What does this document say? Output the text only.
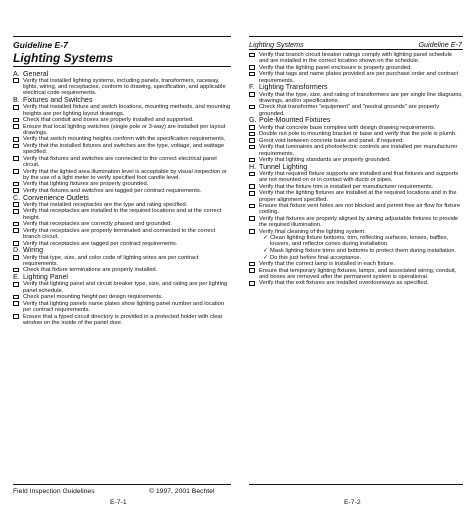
Guideline E-7
Lighting Systems
Lighting Systems	Guideline E-7
A. General
Verify that installed lighting systems, including panels, transformers, raceway, lights, wiring, and receptacles, conform to drawing, specification, and applicable electrical code requirements.
B. Fixtures and Switches
Verify that installed fixture and switch locations, mounting methods, and mounting heights are per lighting layout drawings.
Check that conduit and boxes are properly installed and supported.
Ensure that local lighting switches (single pole or 3-way) are installed per layout drawings.
Verify that switch mounting heights conform with the specification requirements.
Verify that the installed fixtures and switches are the type, voltage, and wattage specified.
Verify that fixtures and switches are connected to the correct electrical panel circuit.
Verify that the lighted area illumination level is acceptable by visual inspection or by the use of a light meter to verify specified foot candle level.
Verify that lighting fixtures are properly grounded.
Verify that fixtures and switches are tagged per contract requirements.
C. Convenience Outlets
Verify that installed receptacles are the type and rating specified.
Verify that receptacles are installed in the required locations and at the correct height.
Verify that receptacles are correctly phased and grounded.
Verify that receptacles are properly terminated and connected to the correct branch circuit.
Verify that receptacles are tagged per contract requirements.
D. Wiring
Verify that type, size, and color code of lighting wires are per contract requirements.
Check that fixture terminations are properly installed.
E. Lighting Panel
Verify that lighting panel and circuit breaker type, size, and rating are per lighting panel schedule.
Check panel mounting height per design requirements.
Verify that lighting panels name plates show lighting panel number and location per contract requirements.
Ensure that a typed circuit directory is provided in a protected holder with clear window on the inside of the panel door.
Verify that branch circuit breaker ratings comply with lighting panel schedule and are installed in the correct location shown on the schedule.
Verify that the lighting panel enclosure is properly grounded.
Verify that tags and name plates provided are per purchase order and contract requirements.
F. Lighting Transformers
Verify that the type, size, and rating of transformers are per single line diagrams, drawings, and/or specifications.
Check that transformer "equipment" and "neutral grounds" are properly grounded.
G. Pole-Mounted Fixtures
Verify that concrete base complies with design drawing requirements.
Double nut pole to mounting bracket or base and verify that the pole is plumb.
Grout void between concrete base and panel, if required.
Verify that luminaires and photoelectric controls are installed per manufacturer requirements.
Verify that lighting standards are properly grounded.
H. Tunnel Lighting
Verify that required fixture supports are installed and that fixtures and supports are not mounted on or in contact with ducts or pipes.
Verify that the fixture trim is installed per manufacturer requirements.
Verify that the lighting fixtures are installed at the required locations and in the proper alignment specified.
Ensure that fixture vent holes are not blocked and permit free air flow for fixture cooling.
Verify that fixtures are properly aligned by aiming adjustable fixtures to provide the required illumination.
Verify final cleaning of the lighting system:
✓ Clean lighting fixture bottoms, trim, reflecting surfaces, lenses, baffles, louvers, and reflector cones during installation.
✓ Mask lighting fixture trims and bottoms to protect them during installation.
✓ Do this just before final acceptance.
Verify that the correct lamp is installed in each fixture.
Ensure that temporary lighting fixtures, lamps, and associated wiring, conduit, and boxes are removed after the permanent system is operational.
Verify that the exit fixtures are installed overdoorways as specified.
Field Inspection Guidelines	© 1997, 2001 Bechtel
E-7-1	E-7-2
